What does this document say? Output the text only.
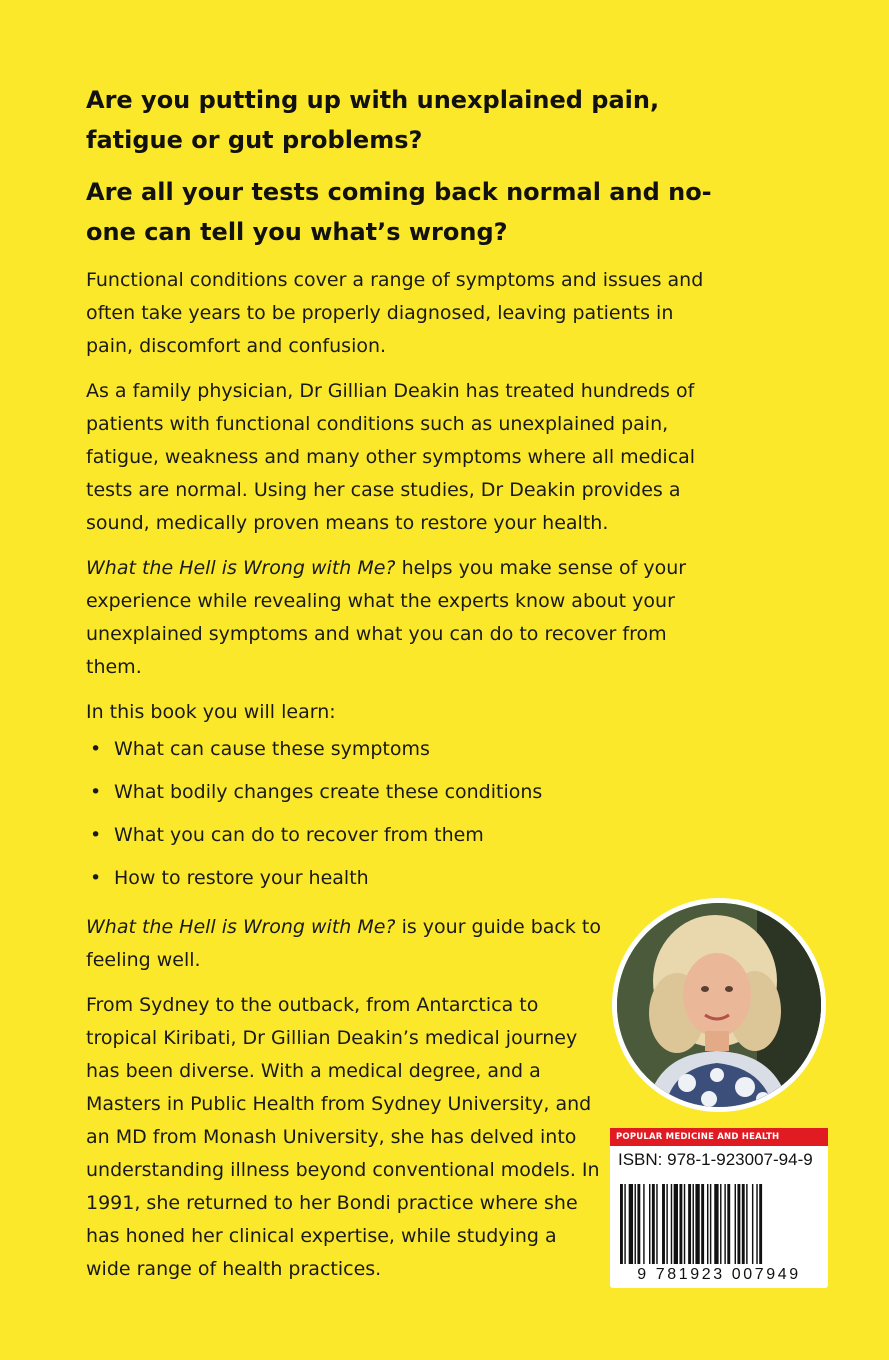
Are you putting up with unexplained pain, fatigue or gut problems?
Are all your tests coming back normal and no-one can tell you what’s wrong?

Functional conditions cover a range of symptoms and issues and often take years to be properly diagnosed, leaving patients in pain, discomfort and confusion.

As a family physician, Dr Gillian Deakin has treated hundreds of patients with functional conditions such as unexplained pain, fatigue, weakness and many other symptoms where all medical tests are normal. Using her case studies, Dr Deakin provides a sound, medically proven means to restore your health.

What the Hell is Wrong with Me? helps you make sense of your experience while revealing what the experts know about your unexplained symptoms and what you can do to recover from them.

In this book you will learn:

• What can cause these symptoms
• What bodily changes create these conditions
• What you can do to recover from them
• How to restore your health

What the Hell is Wrong with Me? is your guide back to feeling well.

From Sydney to the outback, from Antarctica to tropical Kiribati, Dr Gillian Deakin’s medical journey has been diverse. With a medical degree, and a Masters in Public Health from Sydney University, and an MD from Monash University, she has delved into understanding illness beyond conventional models. In 1991, she returned to her Bondi practice where she has honed her clinical expertise, while studying a wide range of health practices.

POPULAR MEDICINE AND HEALTH
ISBN: 978-1-923007-94-9
9 781923 007949
